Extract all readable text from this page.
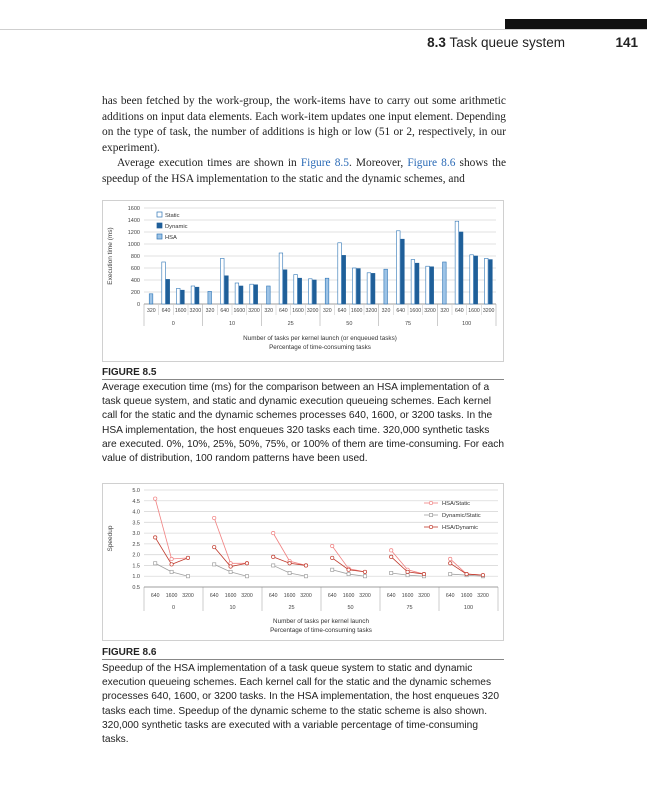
8.3 Task queue system	141

has been fetched by the work-group, the work-items have to carry out some arithmetic additions on input data elements. Each work-item updates one input element. Depending on the type of task, the number of additions is high or low (51 or 2, respectively, in our experiment).

Average execution times are shown in Figure 8.5. Moreover, Figure 8.6 shows the speedup of the HSA implementation to the static and the dynamic schemes, and

0
200
400
600
800
1000
1200
1400
1600
Execution time (ms)
320 640 1600 3200
0
320 640 1600 3200
10
320 640 1600 3200
25
320 640 1600 3200
50
320 640 1600 3200
75
320 640 1600 3200
100
Number of tasks per kernel launch (or enqueued tasks)
Percentage of time-consuming tasks
Static
Dynamic
HSA
FIGURE 8.5
Average execution time (ms) for the comparison between an HSA implementation of a task queue system, and static and dynamic execution queueing schemes. Each kernel call for the static and the dynamic schemes processes 640, 1600, or 3200 tasks. In the HSA implementation, the host enqueues 320 tasks each time. 320,000 synthetic tasks are executed. 0%, 10%, 25%, 50%, 75%, or 100% of them are time-consuming. For each value of distribution, 100 random patterns have been used.
0.5
1.0
1.5
2.0
2.5
3.0
3.5
4.0
4.5
5.0
Speedup
640 1600 3200
0
640 1600 3200
10
640 1600 3200
25
640 1600 3200
50
640 1600 3200
75
640 1600 3200
100
Number of tasks per kernel launch
Percentage of time-consuming tasks
HSA/Static
Dynamic/Static
HSA/Dynamic
FIGURE 8.6
Speedup of the HSA implementation of a task queue system to static and dynamic execution queueing schemes. Each kernel call for the static and the dynamic schemes processes 640, 1600, or 3200 tasks. In the HSA implementation, the host enqueues 320 tasks each time. Speedup of the dynamic scheme to the static scheme is also shown. 320,000 synthetic tasks are executed with a variable percentage of time-consuming tasks.
